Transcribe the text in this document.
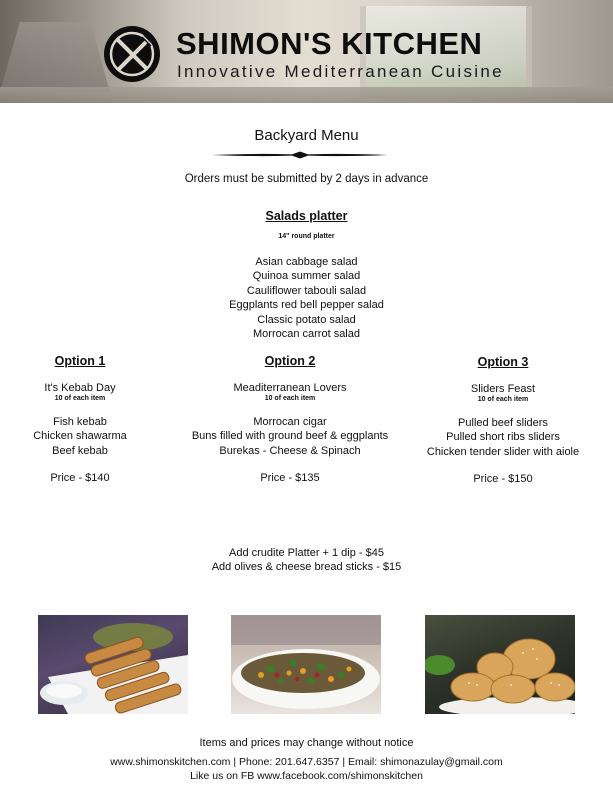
SHIMON'S KITCHEN
Innovative Mediterranean Cuisine
Backyard Menu
Orders must be submitted by 2 days in advance
Salads platter
14" round platter
Asian cabbage salad
Quinoa summer salad
Cauliflower tabouli salad
Eggplants red bell pepper salad
Classic potato salad
Morrocan carrot salad
Option 1
It's Kebab Day
10 of each item
Fish kebab
Chicken shawarma
Beef kebab
Price - $140
Option 2
Meaditerranean Lovers
10 of each item
Morrocan cigar
Buns filled with ground beef & eggplants
Burekas - Cheese & Spinach
Price - $135
Option 3
Sliders Feast
10 of each item
Pulled beef sliders
Pulled short ribs sliders
Chicken tender slider with aiole
Price - $150
Add crudite Platter + 1 dip - $45
Add olives & cheese bread sticks - $15
Items and prices may change without notice
www.shimonskitchen.com | Phone: 201.647.6357 | Email: shimonazulay@gmail.com
Like us on FB www.facebook.com/shimonskitchen
